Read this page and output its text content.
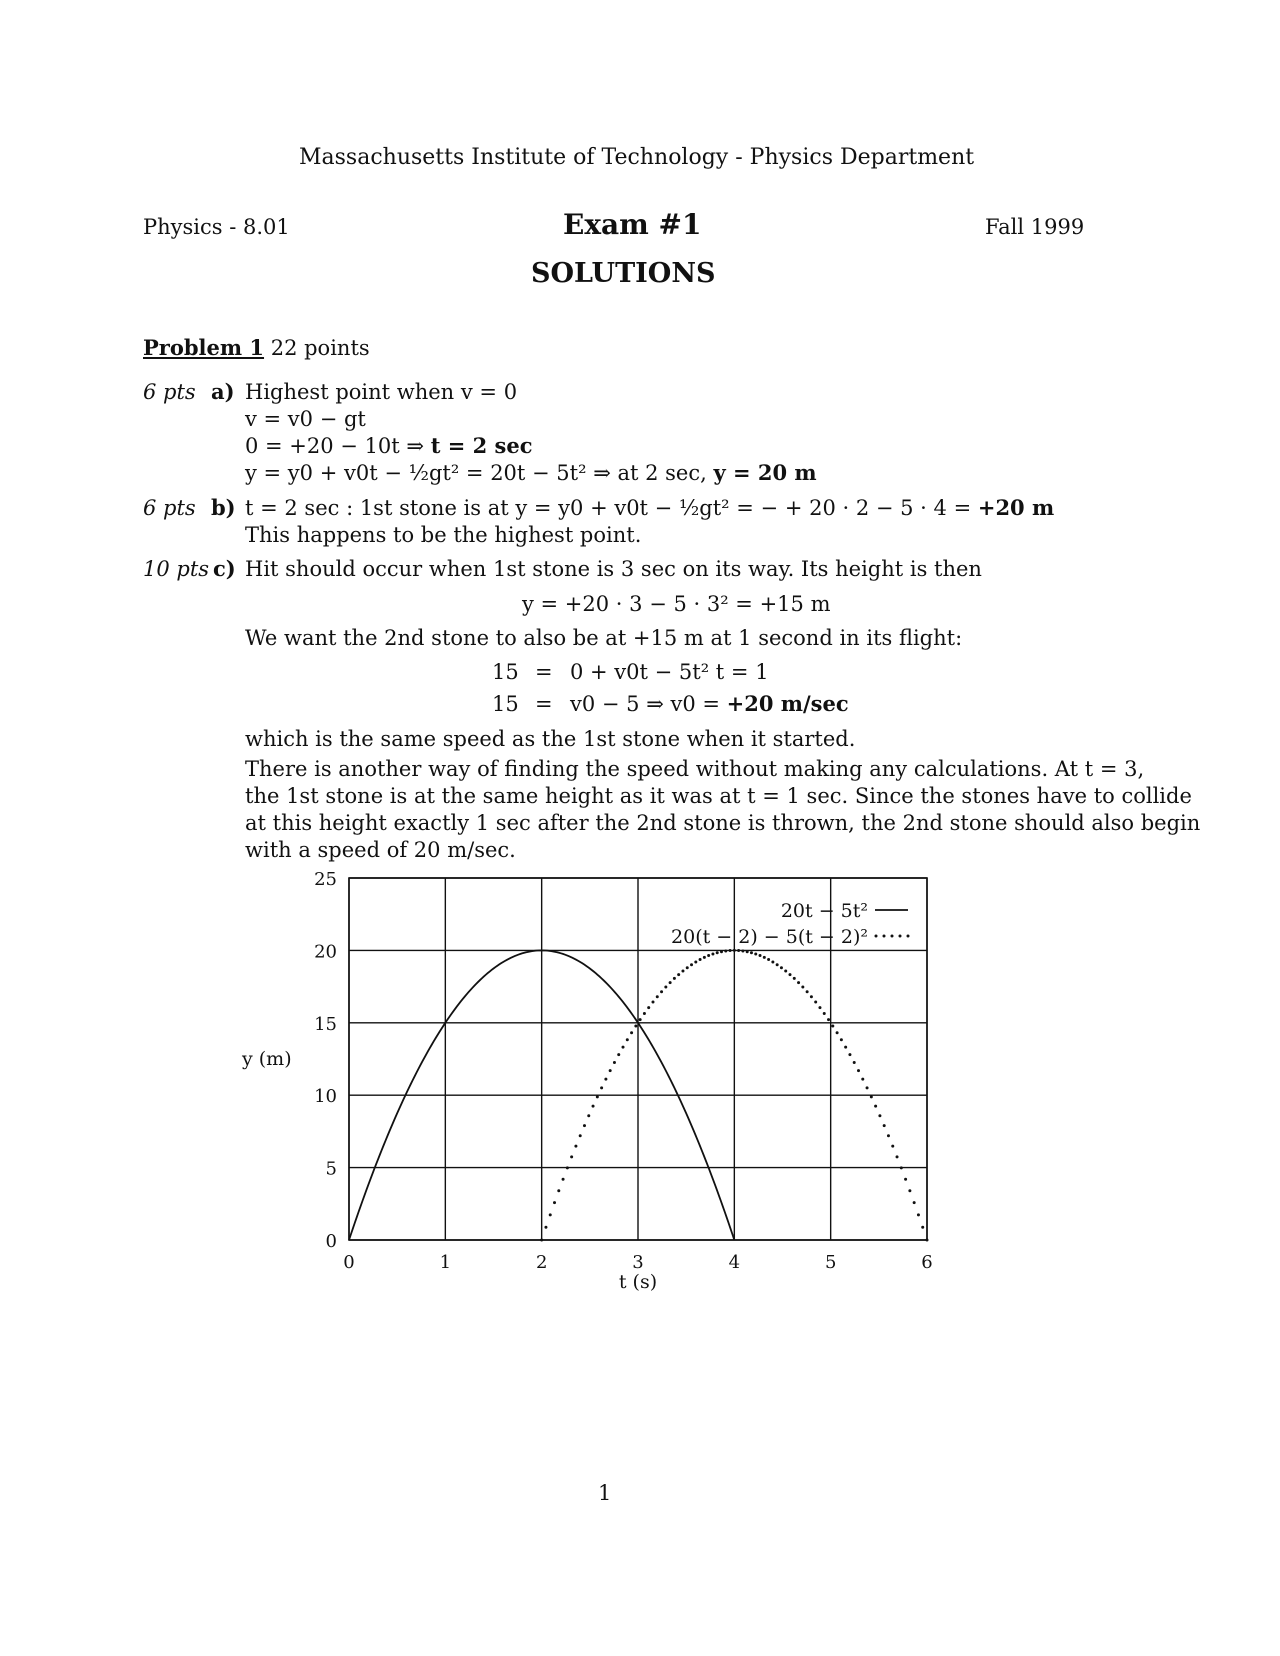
Massachusetts Institute of Technology - Physics Department
Physics - 8.01	Exam #1	Fall 1999
SOLUTIONS
Problem 1 22 points
6 pts a) Highest point when v = 0
v = v0 − gt
0 = +20 − 10t ⇒ t = 2 sec
y = y0 + v0t − ½gt² = 20t − 5t² ⇒ at 2 sec, y = 20 m
6 pts b) t = 2 sec : 1st stone is at y = y0 + v0t − ½gt² = − + 20 · 2 − 5 · 4 = +20 m
This happens to be the highest point.
10 pts c) Hit should occur when 1st stone is 3 sec on its way. Its height is then
y = +20 · 3 − 5 · 3² = +15 m
We want the 2nd stone to also be at +15 m at 1 second in its flight:
15 = 0 + v0t − 5t² t = 1
15 = v0 − 5 ⇒ v0 = +20 m/sec
which is the same speed as the 1st stone when it started.
There is another way of finding the speed without making any calculations. At t = 3,
the 1st stone is at the same height as it was at t = 1 sec. Since the stones have to collide
at this height exactly 1 sec after the 2nd stone is thrown, the 2nd stone should also begin
with a speed of 20 m/sec.
0
5
10
15
20
25
0	1	2	3	4	5	6
y (m)
t (s)
20t − 5t²
20(t − 2) − 5(t − 2)²
1
